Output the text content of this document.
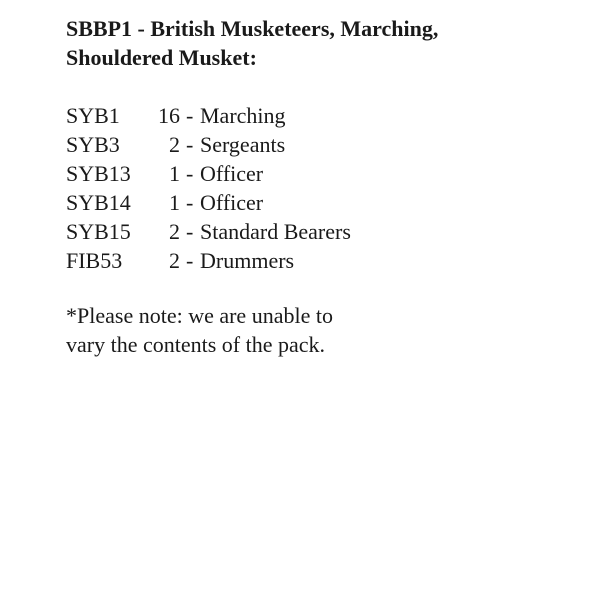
SBBP1 - British Musketeers, Marching,
Shouldered Musket:
SYB1	16 - Marching
SYB3	2 - Sergeants
SYB13	1 - Officer
SYB14	1 - Officer
SYB15	2 - Standard Bearers
FIB53	2 - Drummers

*Please note: we are unable to
vary the contents of the pack.
